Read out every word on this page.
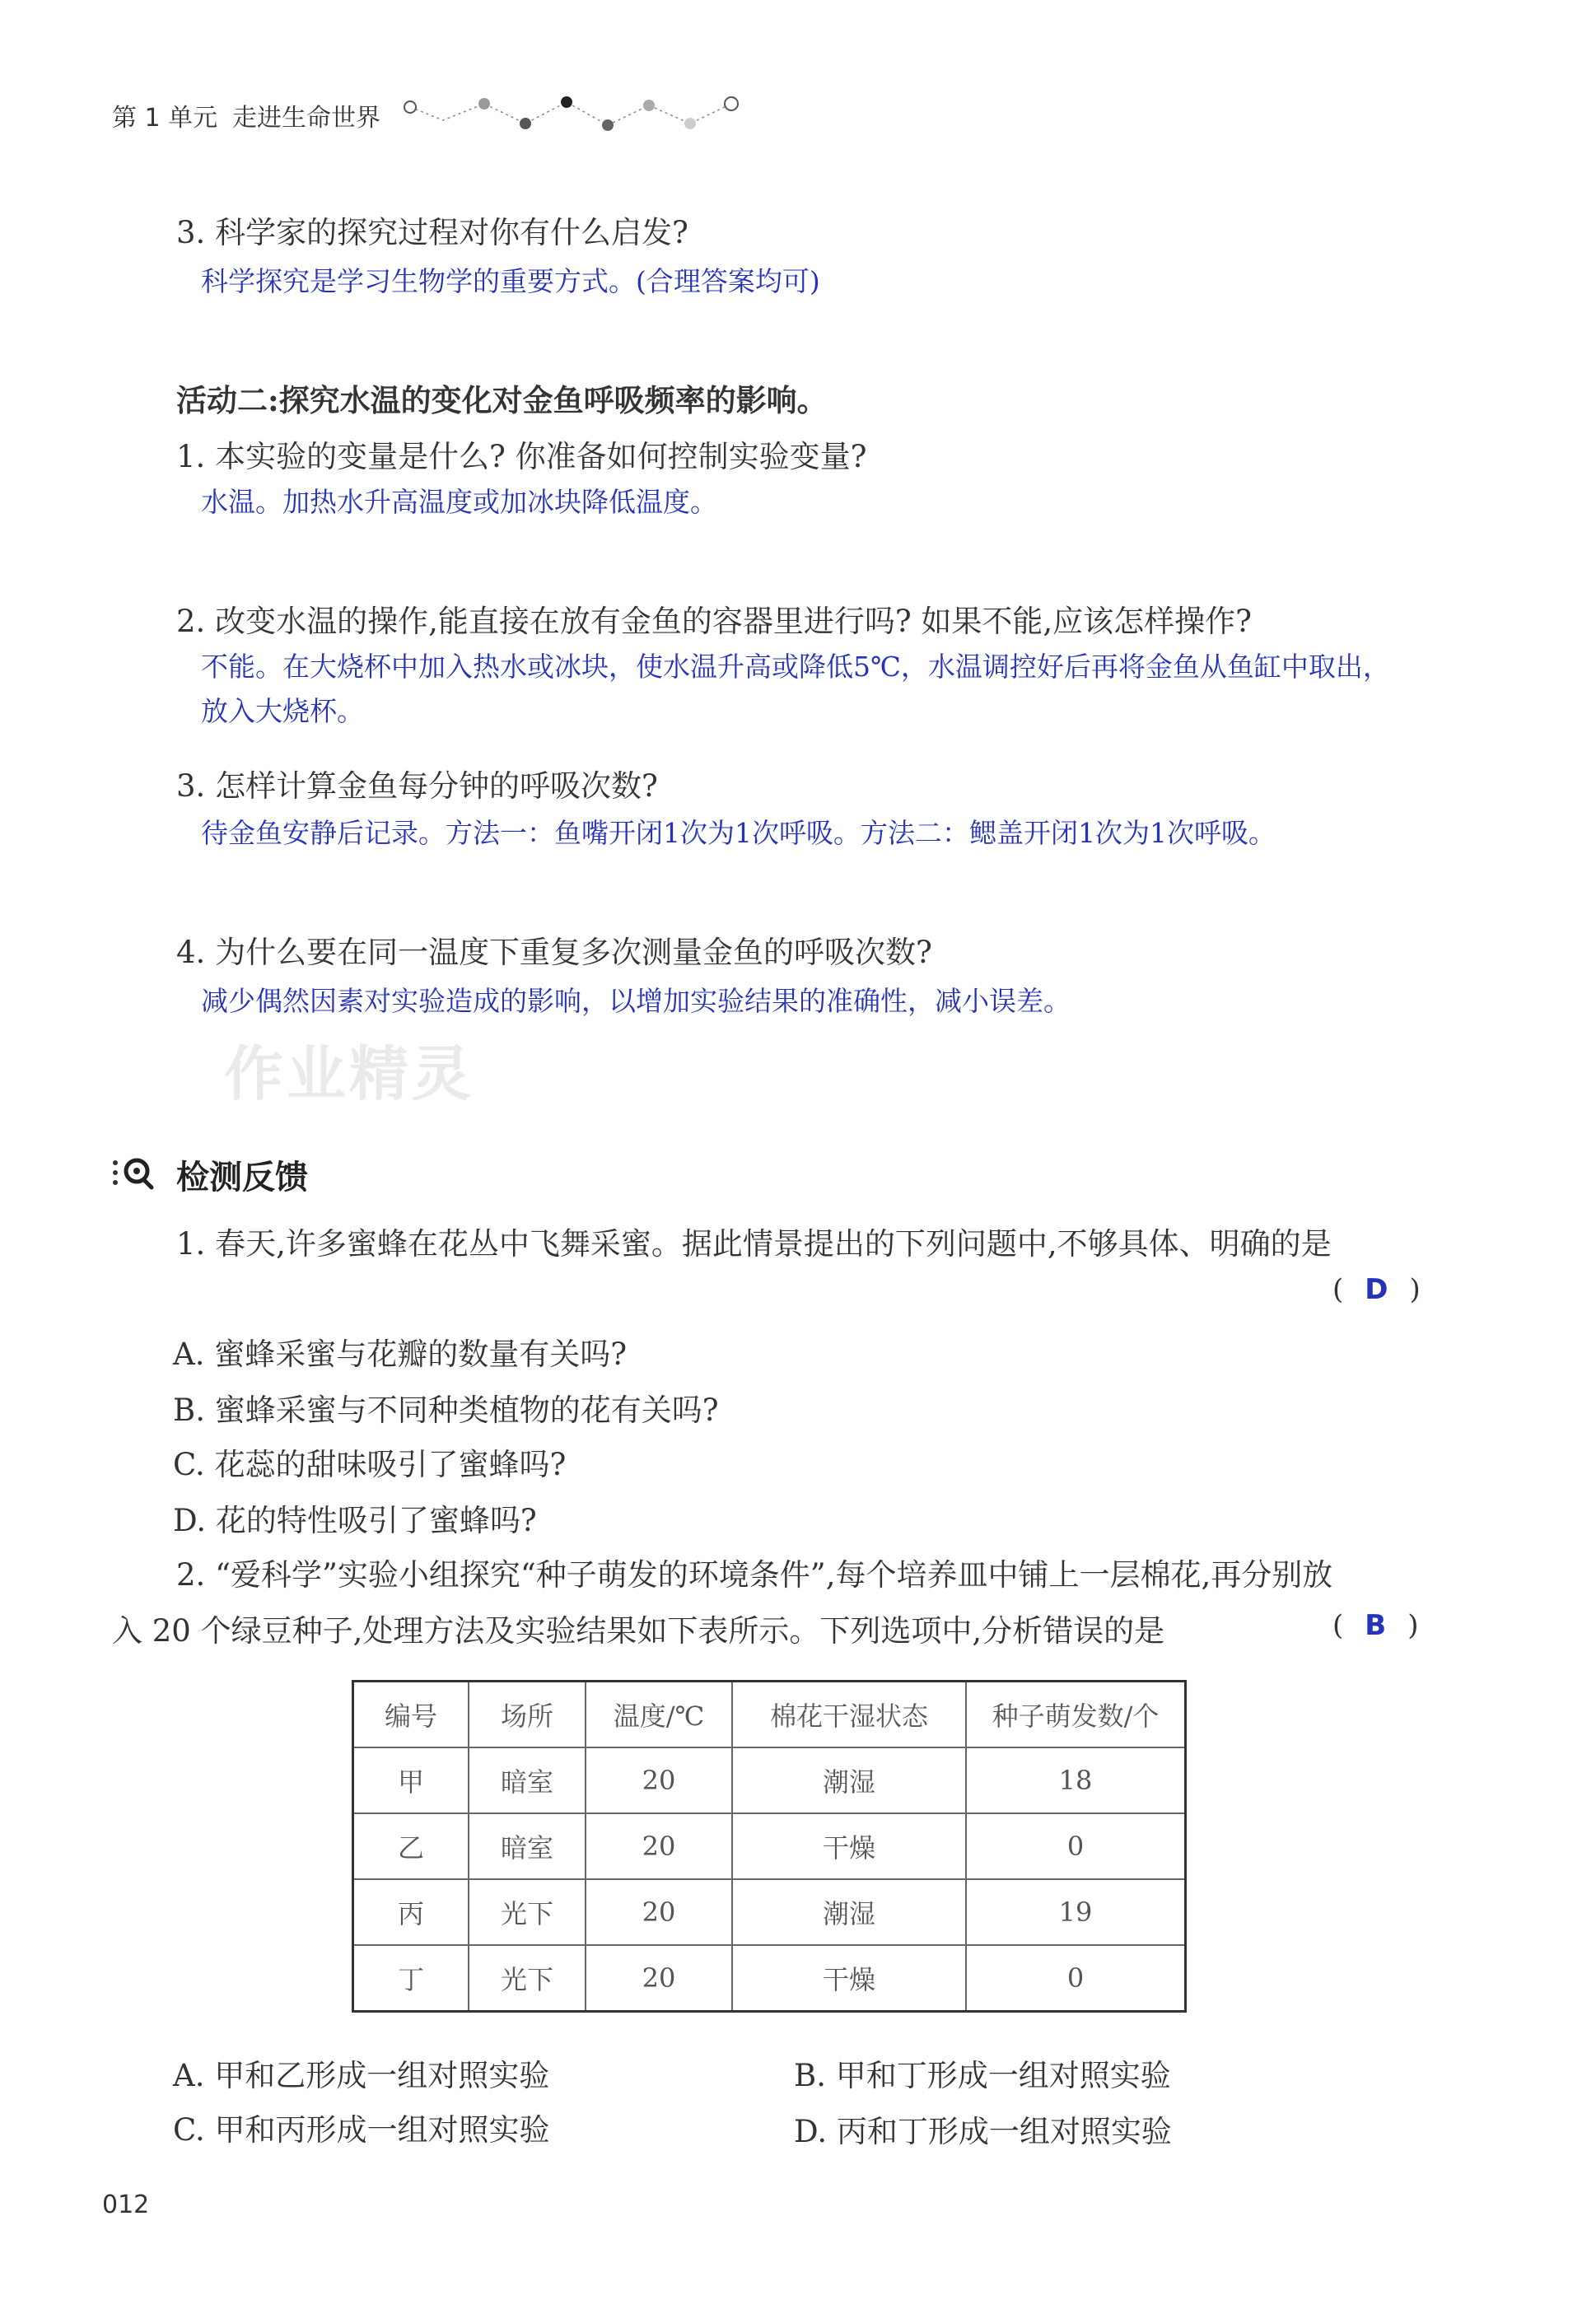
第 1 单元 走进生命世界
3. 科学家的探究过程对你有什么启发?
科学探究是学习生物学的重要方式。(合理答案均可)
活动二:探究水温的变化对金鱼呼吸频率的影响。
1. 本实验的变量是什么? 你准备如何控制实验变量?
水温。加热水升高温度或加冰块降低温度。
2. 改变水温的操作,能直接在放有金鱼的容器里进行吗? 如果不能,应该怎样操作?
不能。在大烧杯中加入热水或冰块，使水温升高或降低5℃，水温调控好后再将金鱼从鱼缸中取出，
放入大烧杯。
3. 怎样计算金鱼每分钟的呼吸次数?
待金鱼安静后记录。方法一：鱼嘴开闭1次为1次呼吸。方法二：鳃盖开闭1次为1次呼吸。
4. 为什么要在同一温度下重复多次测量金鱼的呼吸次数?
减少偶然因素对实验造成的影响，以增加实验结果的准确性，减小误差。
作业精灵
检测反馈
1. 春天,许多蜜蜂在花丛中飞舞采蜜。据此情景提出的下列问题中,不够具体、明确的是
( D )
A. 蜜蜂采蜜与花瓣的数量有关吗?
B. 蜜蜂采蜜与不同种类植物的花有关吗?
C. 花蕊的甜味吸引了蜜蜂吗?
D. 花的特性吸引了蜜蜂吗?
2. “爱科学”实验小组探究“种子萌发的环境条件”,每个培养皿中铺上一层棉花,再分别放
入 20 个绿豆种子,处理方法及实验结果如下表所示。下列选项中,分析错误的是	( B )
编号	场所	温度/℃	棉花干湿状态	种子萌发数/个
甲	暗室	20	潮湿	18
乙	暗室	20	干燥	0
丙	光下	20	潮湿	19
丁	光下	20	干燥	0
A. 甲和乙形成一组对照实验	B. 甲和丁形成一组对照实验
C. 甲和丙形成一组对照实验	D. 丙和丁形成一组对照实验
012
